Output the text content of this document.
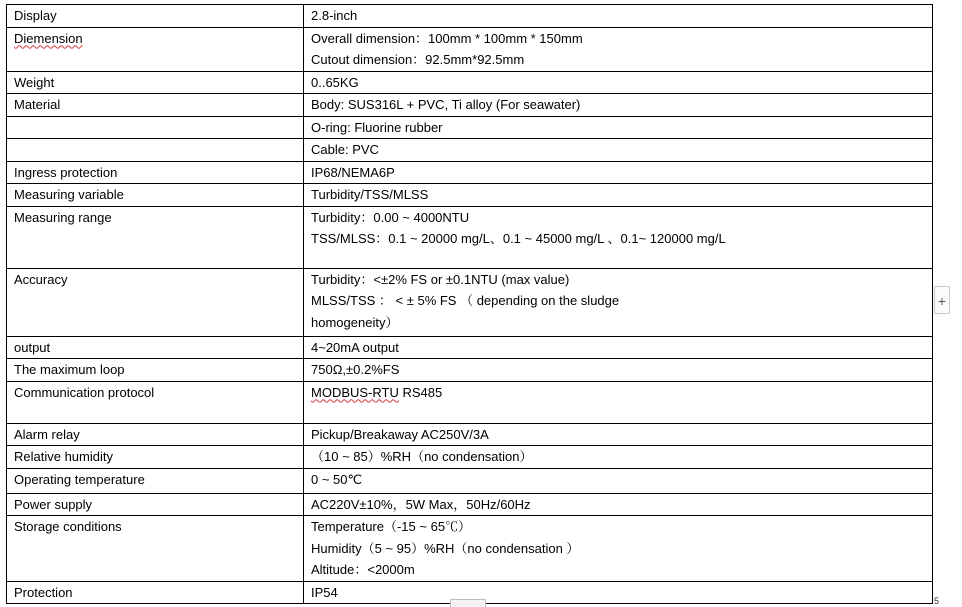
Display	2.8-inch

Diemension	Overall dimension：100mm * 100mm * 150mm
Cutout dimension：92.5mm*92.5mm

Weight	0..65KG

Material	Body: SUS316L + PVC, Ti alloy (For seawater)

	O-ring: Fluorine rubber

	Cable: PVC

Ingress protection	IP68/NEMA6P

Measuring variable	Turbidity/TSS/MLSS

Measuring range	Turbidity：0.00 ~ 4000NTU
TSS/MLSS：0.1 ~ 20000 mg/L、0.1 ~ 45000 mg/L 、0.1~ 120000 mg/L

Accuracy	Turbidity：<±2% FS or ±0.1NTU (max value)
MLSS/TSS ： < ± 5% FS （ depending on the sludge
homogeneity）

output	4~20mA output

The maximum loop	750Ω,±0.2%FS

Communication protocol	MODBUS-RTU RS485

Alarm relay	Pickup/Breakaway AC250V/3A

Relative humidity	（10 ~ 85）%RH（no condensation）

Operating temperature	0 ~ 50℃

Power supply	AC220V±10%，5W Max，50Hz/60Hz

Storage conditions	Temperature（-15 ~ 65℃）
Humidity（5 ~ 95）%RH（no condensation ）
Altitude：<2000m

Protection	IP54
+
5
